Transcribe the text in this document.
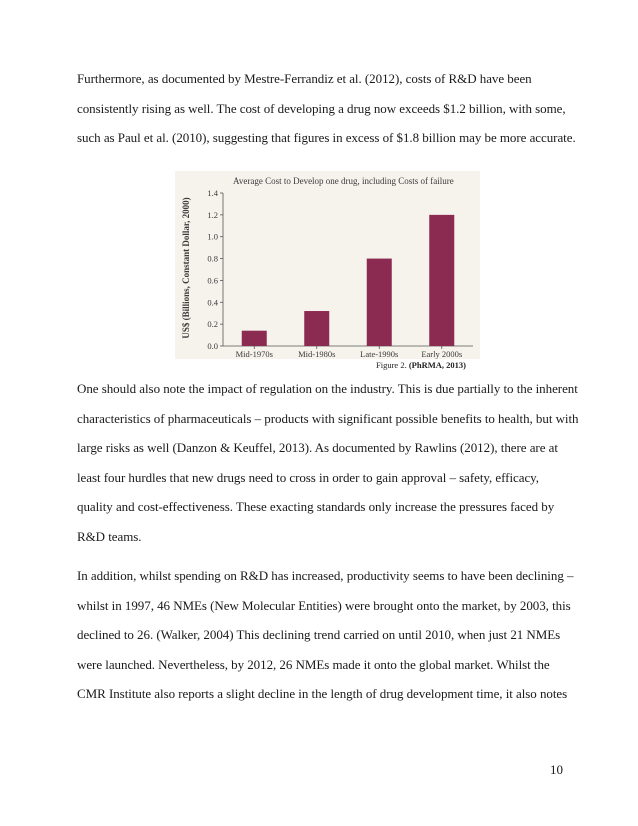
Furthermore, as documented by Mestre-Ferrandiz et al. (2012), costs of R&D have been
consistently rising as well. The cost of developing a drug now exceeds $1.2 billion, with some,
such as Paul et al. (2010), suggesting that figures in excess of $1.8 billion may be more accurate.
Average Cost to Develop one drug, including Costs of failure
US$ (Billions, Constant Dollar, 2000)
0.0
0.2
0.4
0.6
0.8
1.0
1.2
1.4
Mid-1970s	Mid-1980s	Late-1990s	Early 2000s
Figure 2. (PhRMA, 2013)
One should also note the impact of regulation on the industry. This is due partially to the inherent
characteristics of pharmaceuticals – products with significant possible benefits to health, but with
large risks as well (Danzon & Keuffel, 2013). As documented by Rawlins (2012), there are at
least four hurdles that new drugs need to cross in order to gain approval – safety, efficacy,
quality and cost-effectiveness. These exacting standards only increase the pressures faced by
R&D teams.
In addition, whilst spending on R&D has increased, productivity seems to have been declining –
whilst in 1997, 46 NMEs (New Molecular Entities) were brought onto the market, by 2003, this
declined to 26. (Walker, 2004) This declining trend carried on until 2010, when just 21 NMEs
were launched. Nevertheless, by 2012, 26 NMEs made it onto the global market. Whilst the
CMR Institute also reports a slight decline in the length of drug development time, it also notes
10
